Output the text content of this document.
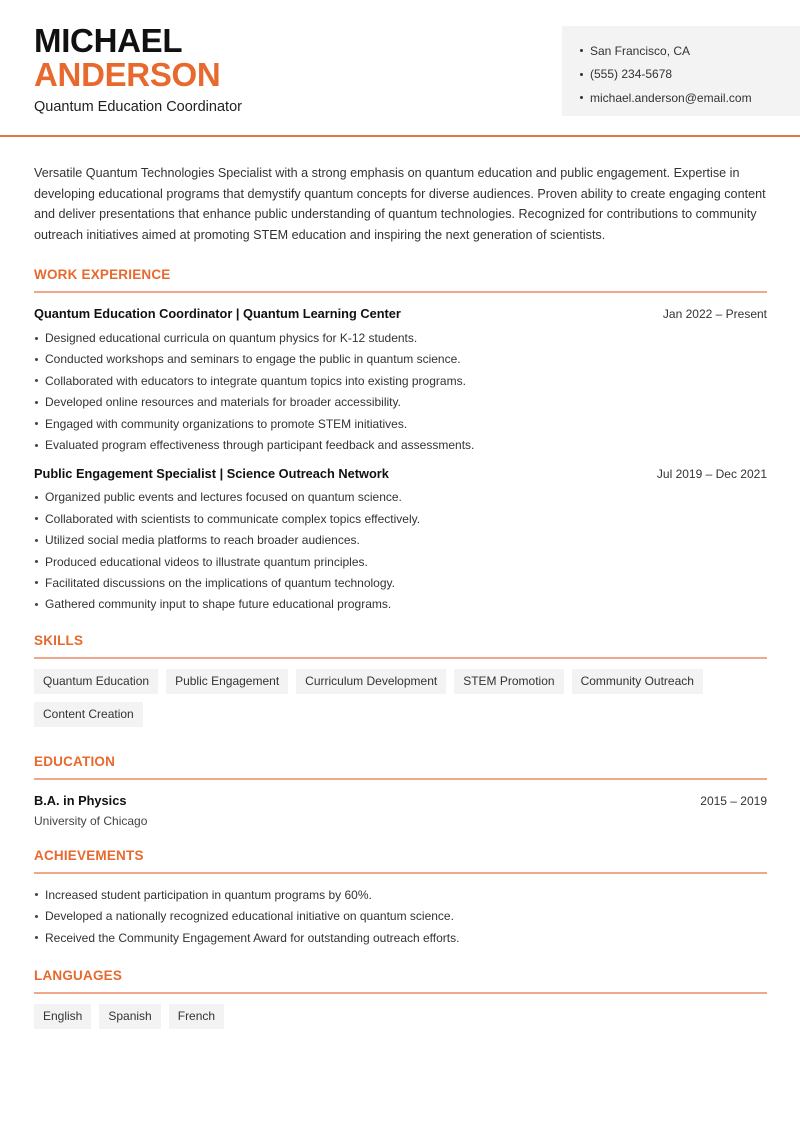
MICHAEL
ANDERSON
Quantum Education Coordinator
San Francisco, CA
(555) 234-5678
michael.anderson@email.com

Versatile Quantum Technologies Specialist with a strong emphasis on quantum education and public engagement. Expertise in developing educational programs that demystify quantum concepts for diverse audiences. Proven ability to create engaging content and deliver presentations that enhance public understanding of quantum technologies. Recognized for contributions to community outreach initiatives aimed at promoting STEM education and inspiring the next generation of scientists.

WORK EXPERIENCE
Quantum Education Coordinator | Quantum Learning Center	Jan 2022 – Present
Designed educational curricula on quantum physics for K-12 students.
Conducted workshops and seminars to engage the public in quantum science.
Collaborated with educators to integrate quantum topics into existing programs.
Developed online resources and materials for broader accessibility.
Engaged with community organizations to promote STEM initiatives.
Evaluated program effectiveness through participant feedback and assessments.
Public Engagement Specialist | Science Outreach Network	Jul 2019 – Dec 2021
Organized public events and lectures focused on quantum science.
Collaborated with scientists to communicate complex topics effectively.
Utilized social media platforms to reach broader audiences.
Produced educational videos to illustrate quantum principles.
Facilitated discussions on the implications of quantum technology.
Gathered community input to shape future educational programs.
SKILLS
Quantum Education	Public Engagement	Curriculum Development	STEM Promotion	Community Outreach
Content Creation
EDUCATION
B.A. in Physics	2015 – 2019
University of Chicago
ACHIEVEMENTS
Increased student participation in quantum programs by 60%.
Developed a nationally recognized educational initiative on quantum science.
Received the Community Engagement Award for outstanding outreach efforts.
LANGUAGES
English	Spanish	French
